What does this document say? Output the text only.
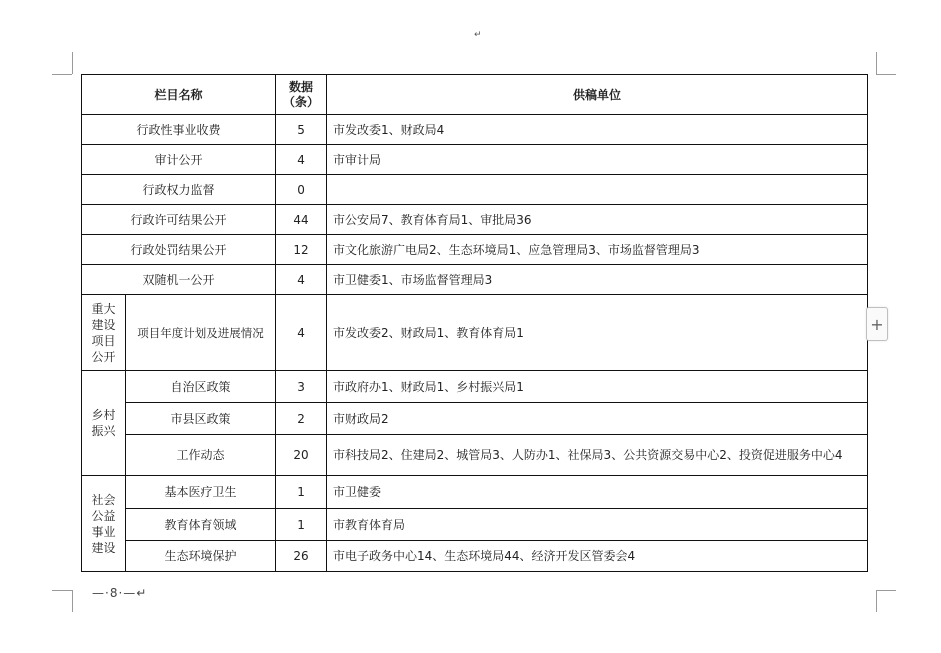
↵
栏目名称		数据（条）	供稿单位
行政性事业收费		5	市发改委1、财政局4
审计公开		4	市审计局
行政权力监督		0	
行政许可结果公开		44	市公安局7、教育体育局1、审批局36
行政处罚结果公开		12	市文化旅游广电局2、生态环境局1、应急管理局3、市场监督管理局3
双随机一公开		4	市卫健委1、市场监督管理局3

重大建设项目公开	项目年度计划及进展情况	4	市发改委2、财政局1、教育体育局1

乡村振兴	自治区政策	3	市政府办1、财政局1、乡村振兴局1
	市县区政策	2	市财政局2
	工作动态	20	市科技局2、住建局2、城管局3、人防办1、社保局3、公共资源交易中心2、投资促进服务中心4

社会公益事业建设	基本医疗卫生	1	市卫健委
	教育体育领域	1	市教育体育局
	生态环境保护	26	市电子政务中心14、生态环境局44、经济开发区管委会4
+
—·8·—↵
